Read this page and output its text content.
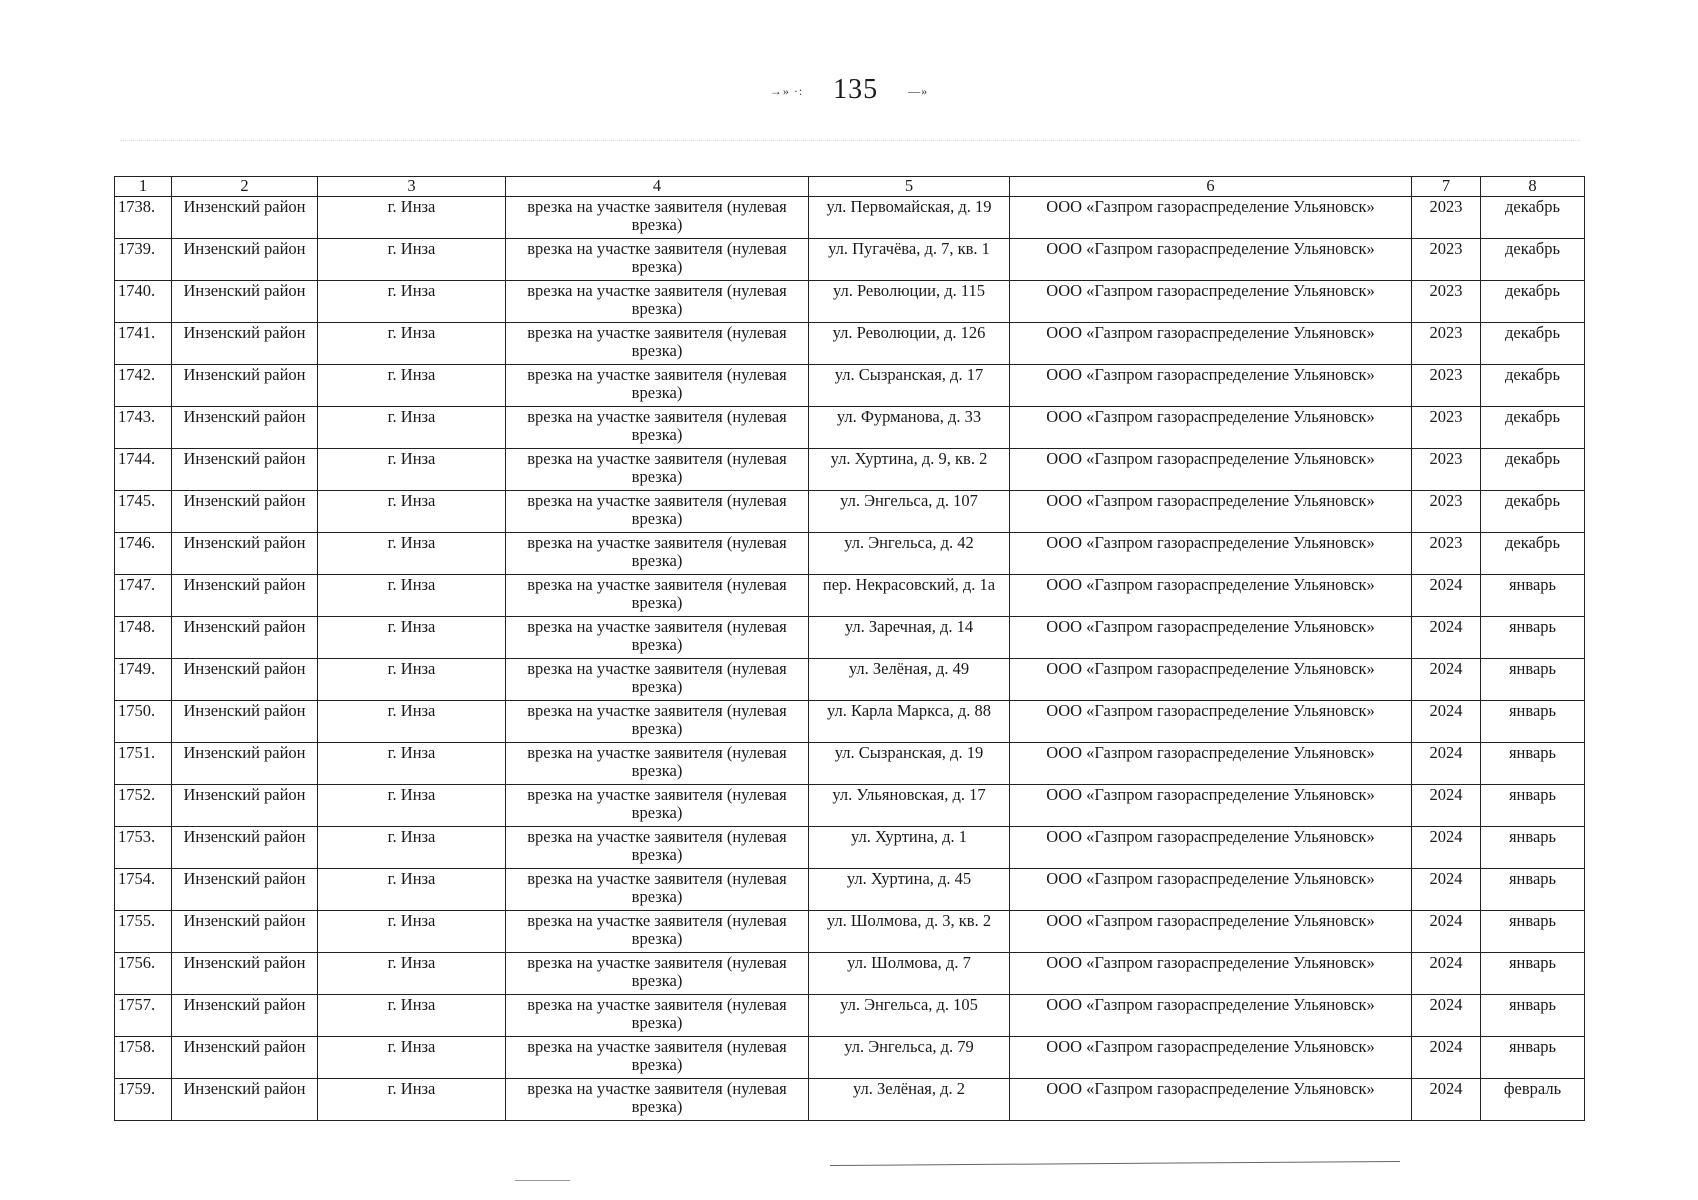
→» ·: 135	—»
1	2	3	4	5	6	7	8
1738.	Инзенский район	г. Инза	врезка на участке заявителя (нулевая врезка)	ул. Первомайская, д. 19	ООО «Газпром газораспределение Ульяновск»	2023	декабрь
1739.	Инзенский район	г. Инза	врезка на участке заявителя (нулевая врезка)	ул. Пугачёва, д. 7, кв. 1	ООО «Газпром газораспределение Ульяновск»	2023	декабрь
1740.	Инзенский район	г. Инза	врезка на участке заявителя (нулевая врезка)	ул. Революции, д. 115	ООО «Газпром газораспределение Ульяновск»	2023	декабрь
1741.	Инзенский район	г. Инза	врезка на участке заявителя (нулевая врезка)	ул. Революции, д. 126	ООО «Газпром газораспределение Ульяновск»	2023	декабрь
1742.	Инзенский район	г. Инза	врезка на участке заявителя (нулевая врезка)	ул. Сызранская, д. 17	ООО «Газпром газораспределение Ульяновск»	2023	декабрь
1743.	Инзенский район	г. Инза	врезка на участке заявителя (нулевая врезка)	ул. Фурманова, д. 33	ООО «Газпром газораспределение Ульяновск»	2023	декабрь
1744.	Инзенский район	г. Инза	врезка на участке заявителя (нулевая врезка)	ул. Хуртина, д. 9, кв. 2	ООО «Газпром газораспределение Ульяновск»	2023	декабрь
1745.	Инзенский район	г. Инза	врезка на участке заявителя (нулевая врезка)	ул. Энгельса, д. 107	ООО «Газпром газораспределение Ульяновск»	2023	декабрь
1746.	Инзенский район	г. Инза	врезка на участке заявителя (нулевая врезка)	ул. Энгельса, д. 42	ООО «Газпром газораспределение Ульяновск»	2023	декабрь
1747.	Инзенский район	г. Инза	врезка на участке заявителя (нулевая врезка)	пер. Некрасовский, д. 1а	ООО «Газпром газораспределение Ульяновск»	2024	январь
1748.	Инзенский район	г. Инза	врезка на участке заявителя (нулевая врезка)	ул. Заречная, д. 14	ООО «Газпром газораспределение Ульяновск»	2024	январь
1749.	Инзенский район	г. Инза	врезка на участке заявителя (нулевая врезка)	ул. Зелёная, д. 49	ООО «Газпром газораспределение Ульяновск»	2024	январь
1750.	Инзенский район	г. Инза	врезка на участке заявителя (нулевая врезка)	ул. Карла Маркса, д. 88	ООО «Газпром газораспределение Ульяновск»	2024	январь
1751.	Инзенский район	г. Инза	врезка на участке заявителя (нулевая врезка)	ул. Сызранская, д. 19	ООО «Газпром газораспределение Ульяновск»	2024	январь
1752.	Инзенский район	г. Инза	врезка на участке заявителя (нулевая врезка)	ул. Ульяновская, д. 17	ООО «Газпром газораспределение Ульяновск»	2024	январь
1753.	Инзенский район	г. Инза	врезка на участке заявителя (нулевая врезка)	ул. Хуртина, д. 1	ООО «Газпром газораспределение Ульяновск»	2024	январь
1754.	Инзенский район	г. Инза	врезка на участке заявителя (нулевая врезка)	ул. Хуртина, д. 45	ООО «Газпром газораспределение Ульяновск»	2024	январь
1755.	Инзенский район	г. Инза	врезка на участке заявителя (нулевая врезка)	ул. Шолмова, д. 3, кв. 2	ООО «Газпром газораспределение Ульяновск»	2024	январь
1756.	Инзенский район	г. Инза	врезка на участке заявителя (нулевая врезка)	ул. Шолмова, д. 7	ООО «Газпром газораспределение Ульяновск»	2024	январь
1757.	Инзенский район	г. Инза	врезка на участке заявителя (нулевая врезка)	ул. Энгельса, д. 105	ООО «Газпром газораспределение Ульяновск»	2024	январь
1758.	Инзенский район	г. Инза	врезка на участке заявителя (нулевая врезка)	ул. Энгельса, д. 79	ООО «Газпром газораспределение Ульяновск»	2024	январь
1759.	Инзенский район	г. Инза	врезка на участке заявителя (нулевая врезка)	ул. Зелёная, д. 2	ООО «Газпром газораспределение Ульяновск»	2024	февраль
